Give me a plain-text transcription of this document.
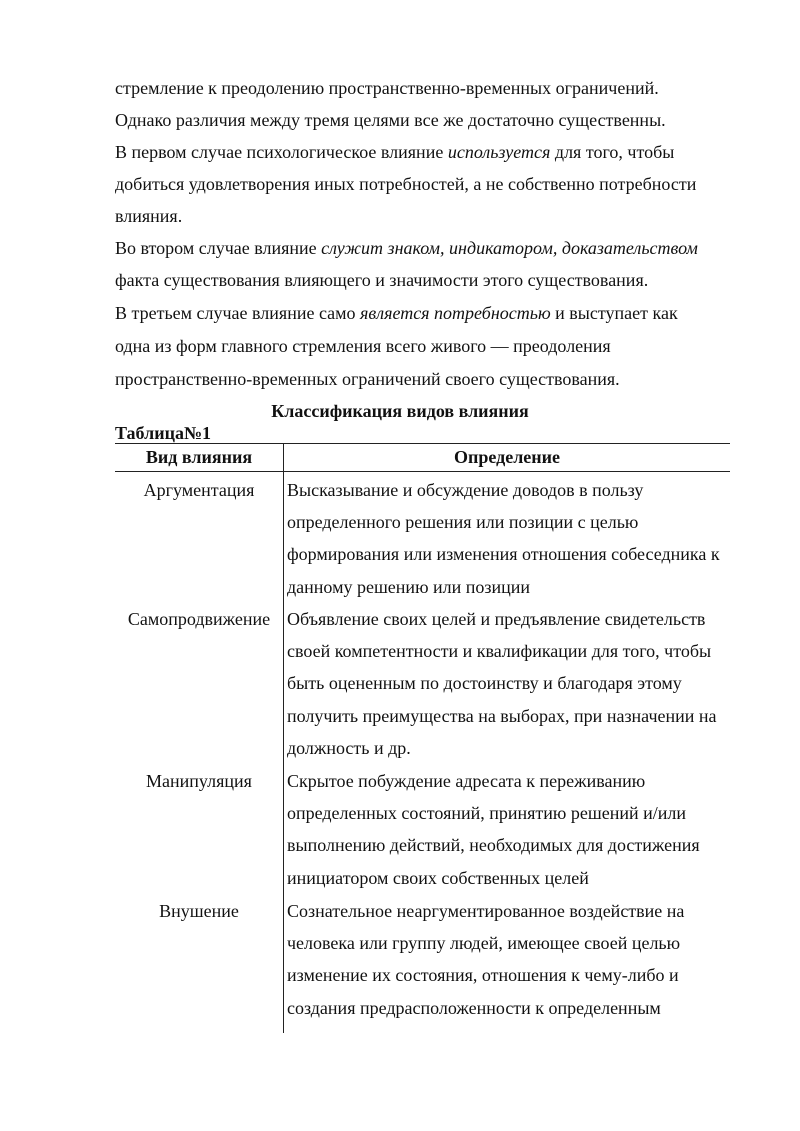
стремление к преодолению пространственно-временных ограничений.
Однако различия между тремя целями все же достаточно существенны.
В первом случае психологическое влияние используется для того, чтобы
добиться удовлетворения иных потребностей, а не собственно потребности
влияния.
Во втором случае влияние служит знаком, индикатором, доказательством
факта существования влияющего и значимости этого существования.
В третьем случае влияние само является потребностью и выступает как
одна из форм главного стремления всего живого — преодоления
пространственно-временных ограничений своего существования.
Классификация видов влияния
Таблица№1
Вид влияния	Определение
Аргументация	Высказывание и обсуждение доводов в пользу определенного решения или позиции с целью формирования или изменения отношения собеседника к данному решению или позиции
Самопродвижение Объявление своих целей и предъявление свидетельств своей компетентности и квалификации для того, чтобы быть оцененным по достоинству и благодаря этому получить преимущества на выборах, при назначении на должность и др.
Манипуляция	Скрытое побуждение адресата к переживанию определенных состояний, принятию решений и/или выполнению действий, необходимых для достижения инициатором своих собственных целей
Внушение	Сознательное неаргументированное воздействие на человека или группу людей, имеющее своей целью изменение их состояния, отношения к чему-либо и создания предрасположенности к определенным
